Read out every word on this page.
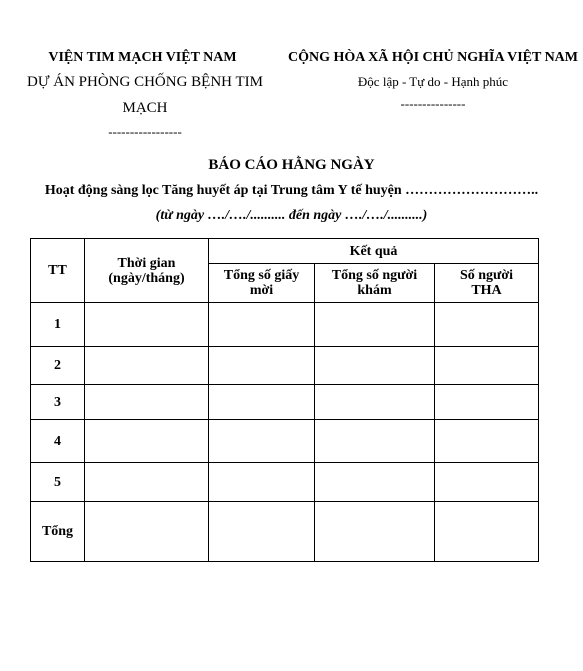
VIỆN TIM MẠCH VIỆT NAM
DỰ ÁN PHÒNG CHỐNG BỆNH TIM
MẠCH
-----------------
CỘNG HÒA XÃ HỘI CHỦ NGHĨA VIỆT NAM
Độc lập - Tự do - Hạnh phúc
---------------
BÁO CÁO HẰNG NGÀY
Hoạt động sàng lọc Tăng huyết áp tại Trung tâm Y tế huyện ………………………..
(từ ngày …./…./.......... đến ngày …./…./..........)
TT	Thời gian (ngày/tháng)	Kết quả		
		Tổng số giấy mời	Tổng số người khám	Số người THA
1				
2				
3				
4				
5				
Tổng				
